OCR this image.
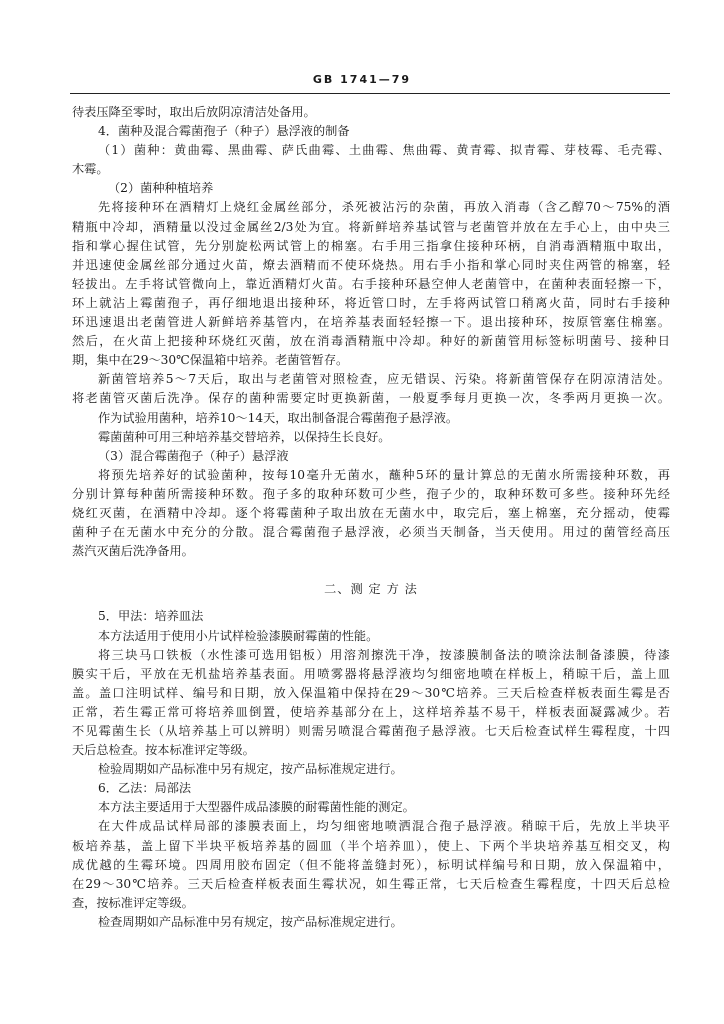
GB 1741—79
待表压降至零时，取出后放阴凉清洁处备用。
4．菌种及混合霉菌孢子（种子）悬浮液的制备
（1）菌种：黄曲霉、黑曲霉、萨氏曲霉、土曲霉、焦曲霉、黄青霉、拟青霉、芽枝霉、毛壳霉、
木霉。
（2）菌种种植培养
先将接种环在酒精灯上烧红金属丝部分，杀死被沾污的杂菌，再放入消毒（含乙醇70～75%的酒
精瓶中冷却，酒精量以没过金属丝2/3处为宜。将新鲜培养基试管与老菌管并放在左手心上，由中央三
指和掌心握住试管，先分别旋松两试管上的棉塞。右手用三指拿住接种环柄，自消毒酒精瓶中取出，
并迅速使金属丝部分通过火苗，燎去酒精而不使环烧热。用右手小指和掌心同时夹住两管的棉塞，轻
轻拔出。左手将试管微向上，靠近酒精灯火苗。右手接种环悬空伸人老菌管中，在菌种表面轻擦一下，
环上就沾上霉菌孢子，再仔细地退出接种环，将近管口时，左手将两试管口稍离火苗，同时右手接种
环迅速退出老菌管进人新鲜培养基管内，在培养基表面轻轻擦一下。退出接种环，按原管塞住棉塞。
然后，在火苗上把接种环烧红灭菌，放在消毒酒精瓶中冷却。种好的新菌管用标签标明菌号、接种日
期，集中在29～30℃保温箱中培养。老菌管暂存。
新菌管培养5～7天后，取出与老菌管对照检查，应无错误、污染。将新菌管保存在阴凉清洁处。
将老菌管灭菌后洗净。保存的菌种需要定时更换新菌，一般夏季每月更换一次，冬季两月更换一次。
作为试验用菌种，培养10～14天，取出制备混合霉菌孢子悬浮液。
霉菌菌种可用三种培养基交替培养，以保持生长良好。
（3）混合霉菌孢子（种子）悬浮液
将预先培养好的试验菌种，按每10毫升无菌水，蘸种5环的量计算总的无菌水所需接种环数，再
分别计算每种菌所需接种环数。孢子多的取种环数可少些，孢子少的，取种环数可多些。接种环先经
烧红灭菌，在酒精中冷却。逐个将霉菌种子取出放在无菌水中，取完后，塞上棉塞，充分摇动，使霉
菌种子在无菌水中充分的分散。混合霉菌孢子悬浮液，必须当天制备，当天使用。用过的菌管经高压
蒸汽灭菌后洗净备用。
二、测 定 方 法
5．甲法：培养皿法
本方法适用于使用小片试样检验漆膜耐霉菌的性能。
将三块马口铁板（水性漆可选用铝板）用溶剂擦洗干净，按漆膜制备法的喷涂法制备漆膜，待漆
膜实干后，平放在无机盐培养基表面。用喷雾器将悬浮液均匀细密地喷在样板上，稍晾干后，盖上皿
盖。盖口注明试样、编号和日期，放入保温箱中保持在29～30℃培养。三天后检查样板表面生霉是否
正常，若生霉正常可将培养皿倒置，使培养基部分在上，这样培养基不易干，样板表面凝露减少。若
不见霉菌生长（从培养基上可以辨明）则需另喷混合霉菌孢子悬浮液。七天后检查试样生霉程度，十四
天后总检查。按本标准评定等级。
检验周期如产品标准中另有规定，按产品标准规定进行。
6．乙法：局部法
本方法主要适用于大型器件成品漆膜的耐霉菌性能的测定。
在大件成品试样局部的漆膜表面上，均匀细密地喷洒混合孢子悬浮液。稍晾干后，先放上半块平
板培养基，盖上留下半块平板培养基的圆皿（半个培养皿），使上、下两个半块培养基互相交叉，构
成优越的生霉环境。四周用胶布固定（但不能将盖缝封死），标明试样编号和日期，放入保温箱中，
在29～30℃培养。三天后检查样板表面生霉状况，如生霉正常，七天后检查生霉程度，十四天后总检
查，按标准评定等级。
检查周期如产品标准中另有规定，按产品标准规定进行。
